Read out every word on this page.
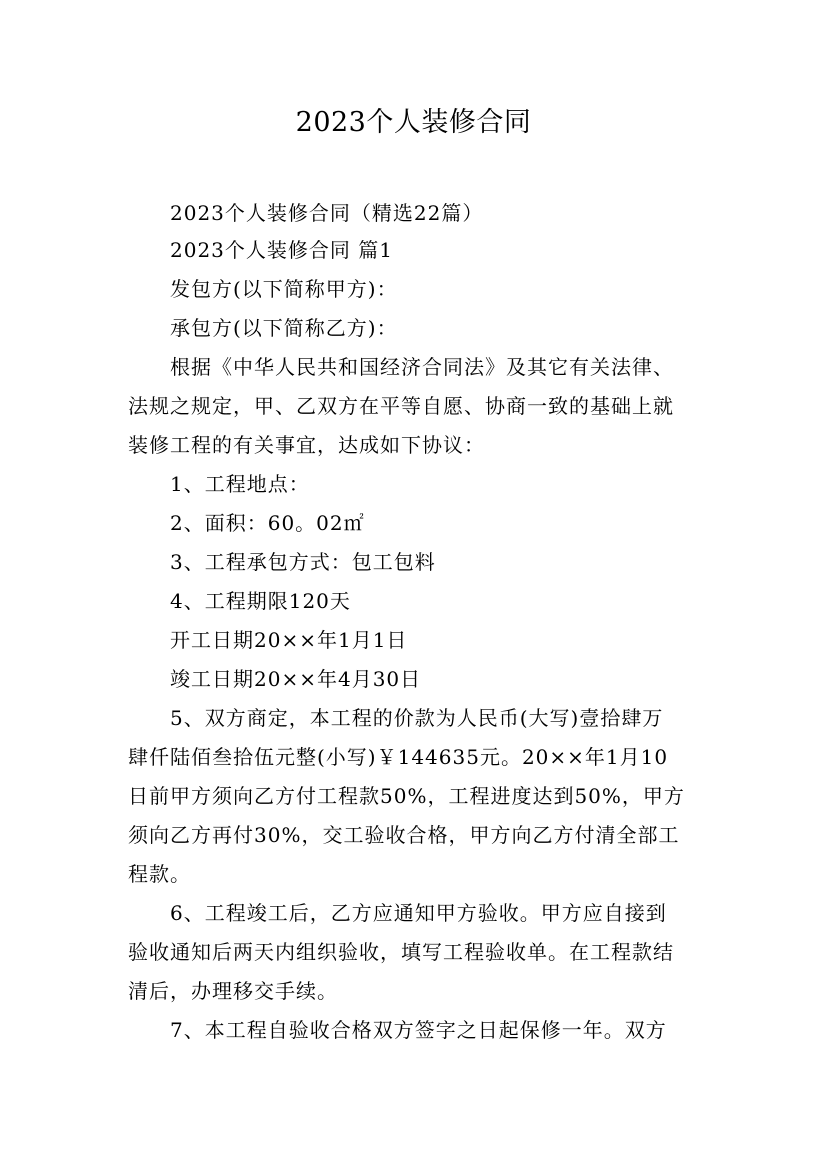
2023个人装修合同
2023个人装修合同（精选22篇）
2023个人装修合同 篇1
发包方(以下简称甲方)：
承包方(以下简称乙方)：
根据《中华人民共和国经济合同法》及其它有关法律、
法规之规定，甲、乙双方在平等自愿、协商一致的基础上就
装修工程的有关事宜，达成如下协议：
1、工程地点：
2、面积：60。02㎡
3、工程承包方式：包工包料
4、工程期限120天
开工日期20××年1月1日
竣工日期20××年4月30日
5、双方商定，本工程的价款为人民币(大写)壹拾肆万
肆仟陆佰叁拾伍元整(小写)￥144635元。20××年1月10
日前甲方须向乙方付工程款50%，工程进度达到50%，甲方
须向乙方再付30%，交工验收合格，甲方向乙方付清全部工
程款。
6、工程竣工后，乙方应通知甲方验收。甲方应自接到
验收通知后两天内组织验收，填写工程验收单。在工程款结
清后，办理移交手续。
7、本工程自验收合格双方签字之日起保修一年。双方
